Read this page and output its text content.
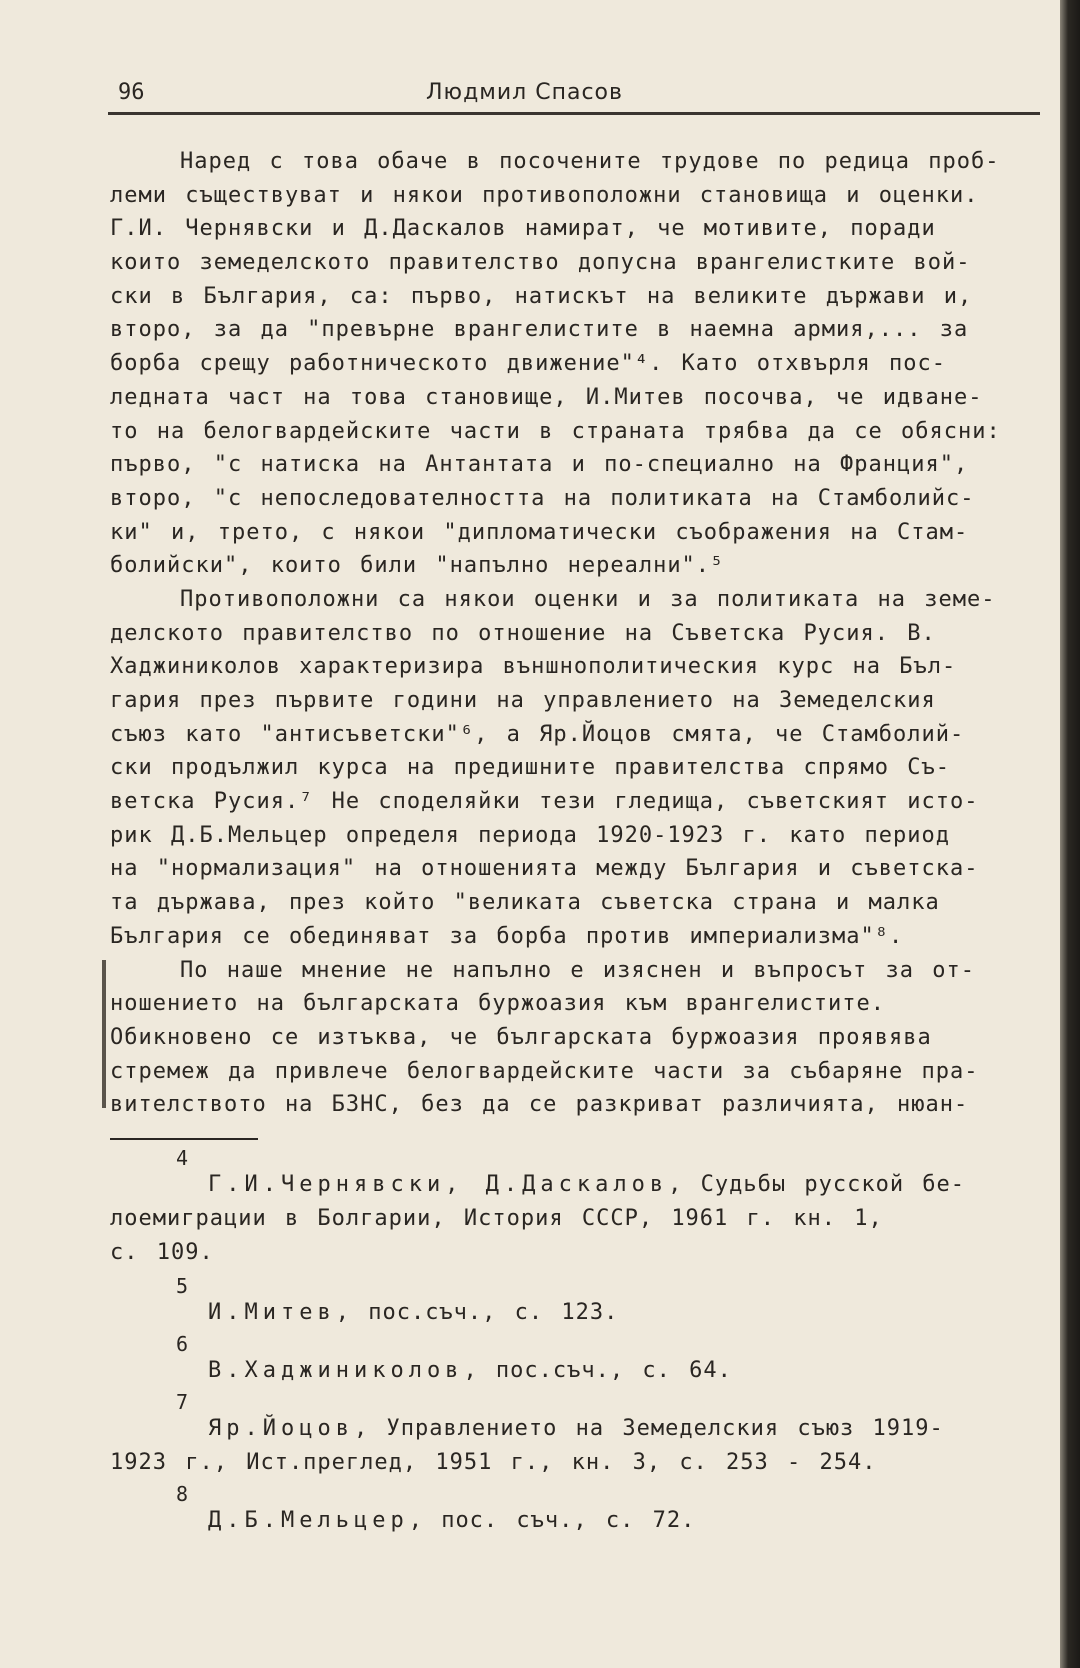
96	Людмил Спасов
Наред с това обаче в посочените трудове по редица проб-
леми съществуват и някои противоположни становища и оценки.
Г.И. Чернявски и Д.Даскалов намират, че мотивите, поради
които земеделското правителство допусна врангелистките вой-
ски в България, са: първо, натискът на великите държави и,
второ, за да "превърне врангелистите в наемна армия,... за
борба срещу работническото движение"⁴. Като отхвърля пос-
ледната част на това становище, И.Митев посочва, че идване-
то на белогвардейските части в страната трябва да се обясни:
първо, "с натиска на Антантата и по-специално на Франция",
второ, "с непоследователността на политиката на Стамболийс-
ки" и, трето, с някои "дипломатически съображения на Стам-
болийски", които били "напълно нереални".⁵
Противоположни са някои оценки и за политиката на земе-
делското правителство по отношение на Съветска Русия. В.
Хаджиниколов характеризира външнополитическия курс на Бъл-
гария през първите години на управлението на Земеделския
съюз като "антисъветски"⁶, а Яр.Йоцов смята, че Стамболий-
ски продължил курса на предишните правителства спрямо Съ-
ветска Русия.⁷ Не споделяйки тези гледища, съветският исто-
рик Д.Б.Мельцер определя периода 1920-1923 г. като период
на "нормализация" на отношенията между България и съветска-
та държава, през който "великата съветска страна и малка
България се обединяват за борба против империализма"⁸.
По наше мнение не напълно е изяснен и въпросът за от-
ношението на българската буржоазия към врангелистите.
Обикновено се изтъква, че българската буржоазия проявява
стремеж да привлече белогвардейските части за събаряне пра-
вителството на БЗНС, без да се разкриват различията, нюан-
4
Г.И.Чернявски, Д.Даскалов, Судьбы русской бе-
лоемиграции в Болгарии, История СССР, 1961 г. кн. 1,
с. 109.
5
И.Митев, пос.съч., с. 123.
6
В.Хаджиниколов, пос.съч., с. 64.
7
Яр.Йоцов, Управлението на Земеделския съюз 1919-
1923 г., Ист.преглед, 1951 г., кн. 3, с. 253 - 254.
8
Д.Б.Мельцер, пос. съч., с. 72.
